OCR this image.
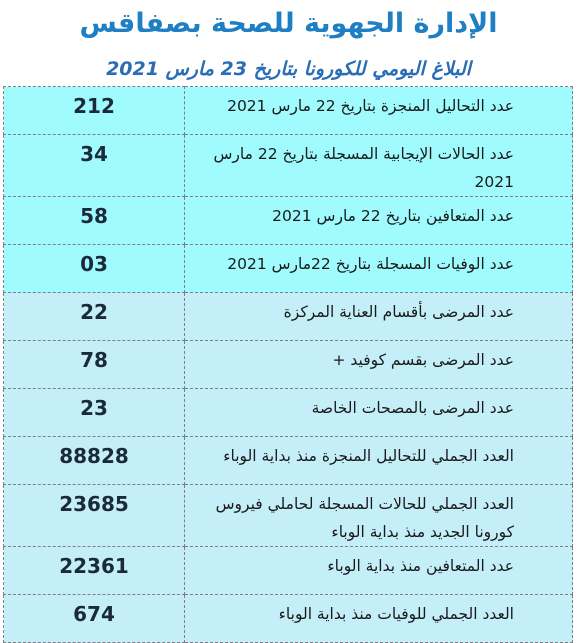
الإدارة الجهوية للصحة بصفاقس
البلاغ اليومي للكورونا بتاريخ 23 مارس 2021
212	عدد التحاليل المنجزة بتاريخ 22 مارس 2021
34	عدد الحالات الإيجابية المسجلة بتاريخ 22 مارس 2021
58	عدد المتعافين بتاريخ 22 مارس 2021
03	عدد الوفيات المسجلة بتاريخ 22مارس 2021
22	عدد المرضى بأقسام العناية المركزة
78	عدد المرضى بقسم كوفيد +
23	عدد المرضى بالمصحات الخاصة
88828	العدد الجملي للتحاليل المنجزة منذ بداية الوباء
23685	العدد الجملي للحالات المسجلة لحاملي فيروس كورونا الجديد منذ بداية الوباء
22361	عدد المتعافين منذ بداية الوباء
674	العدد الجملي للوفيات منذ بداية الوباء
